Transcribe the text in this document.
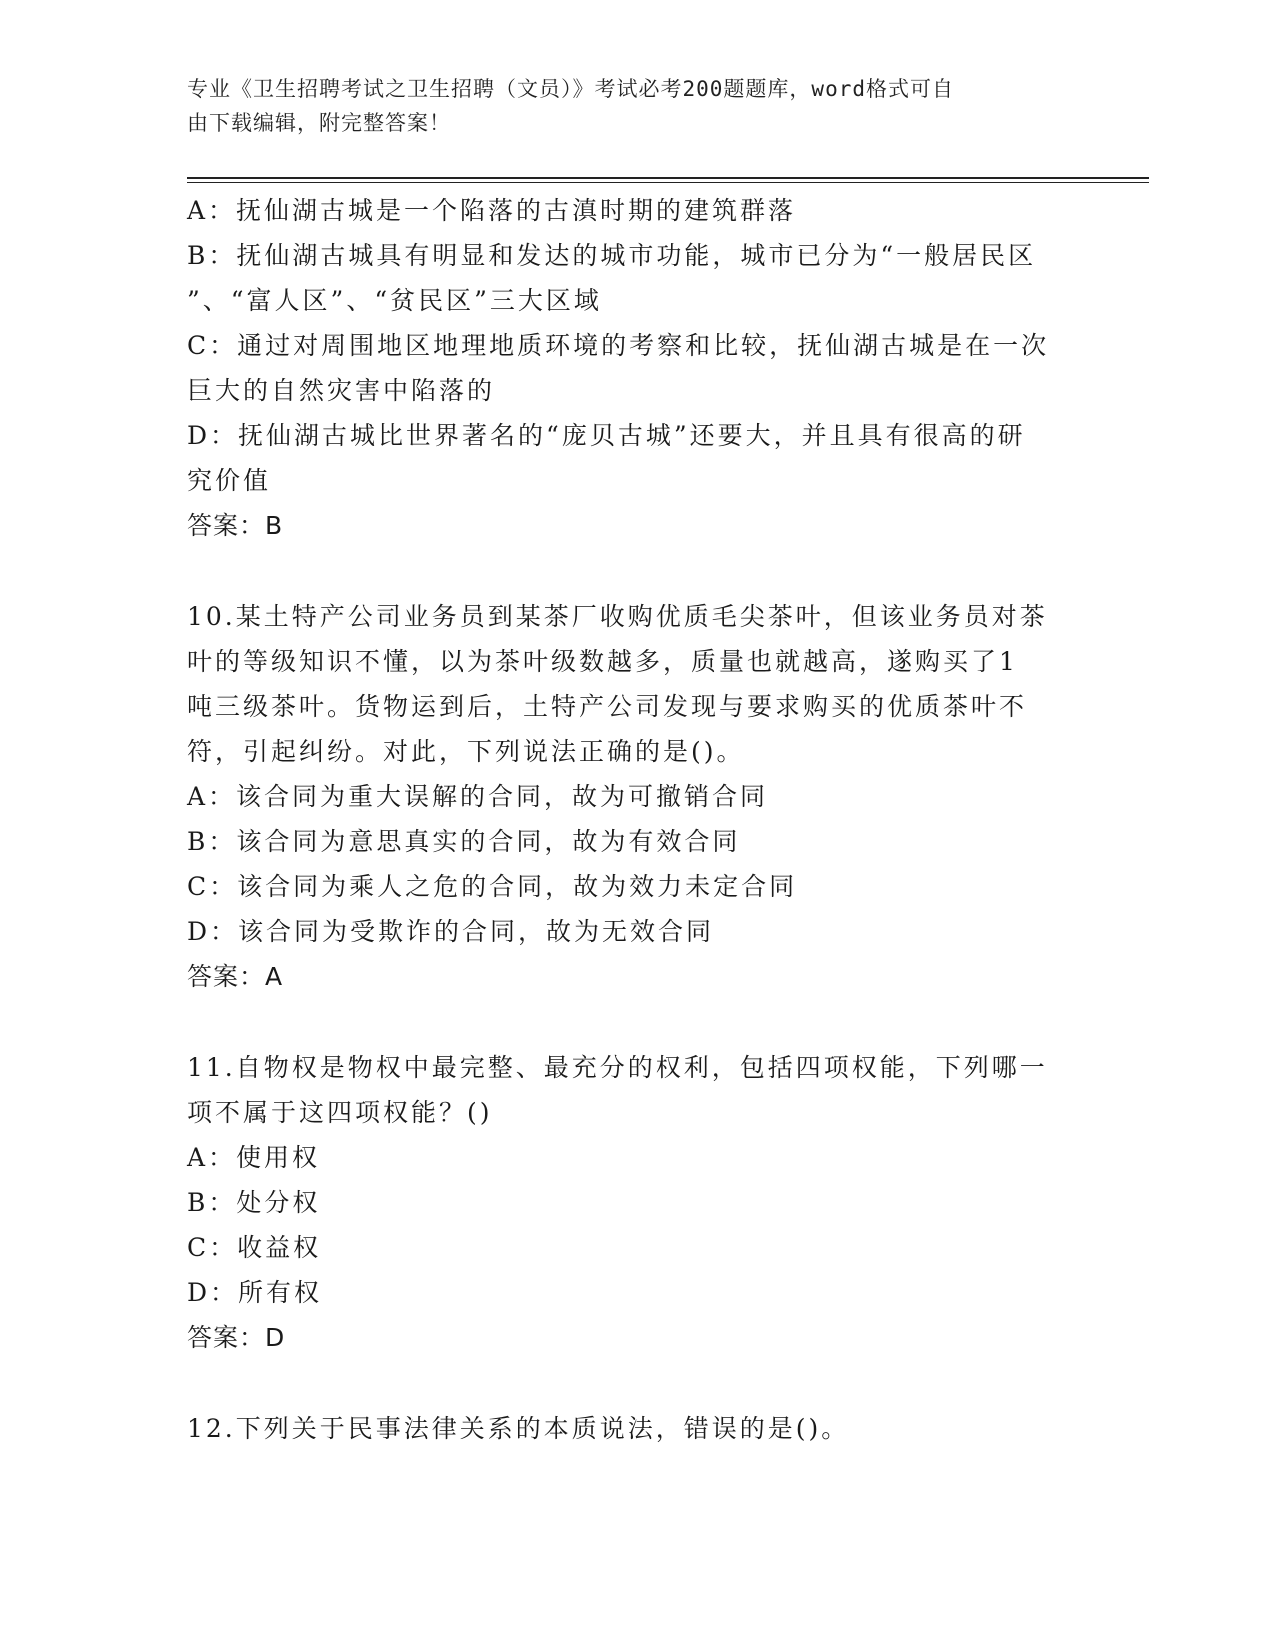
专业《卫生招聘考试之卫生招聘（文员）》考试必考200题题库，word格式可自
由下载编辑，附完整答案！

A：抚仙湖古城是一个陷落的古滇时期的建筑群落

B：抚仙湖古城具有明显和发达的城市功能，城市已分为“一般居民区

”、“富人区”、“贫民区”三大区域

C：通过对周围地区地理地质环境的考察和比较，抚仙湖古城是在一次

巨大的自然灾害中陷落的

D：抚仙湖古城比世界著名的“庞贝古城”还要大，并且具有很高的研

究价值

答案：B

10.某土特产公司业务员到某茶厂收购优质毛尖茶叶，但该业务员对茶

叶的等级知识不懂，以为茶叶级数越多，质量也就越高，遂购买了1

吨三级茶叶。货物运到后，土特产公司发现与要求购买的优质茶叶不

符，引起纠纷。对此，下列说法正确的是()。

A：该合同为重大误解的合同，故为可撤销合同

B：该合同为意思真实的合同，故为有效合同

C：该合同为乘人之危的合同，故为效力未定合同

D：该合同为受欺诈的合同，故为无效合同

答案：A

11.自物权是物权中最完整、最充分的权利，包括四项权能，下列哪一

项不属于这四项权能？()

A：使用权

B：处分权

C：收益权

D：所有权

答案：D

12.下列关于民事法律关系的本质说法，错误的是()。
